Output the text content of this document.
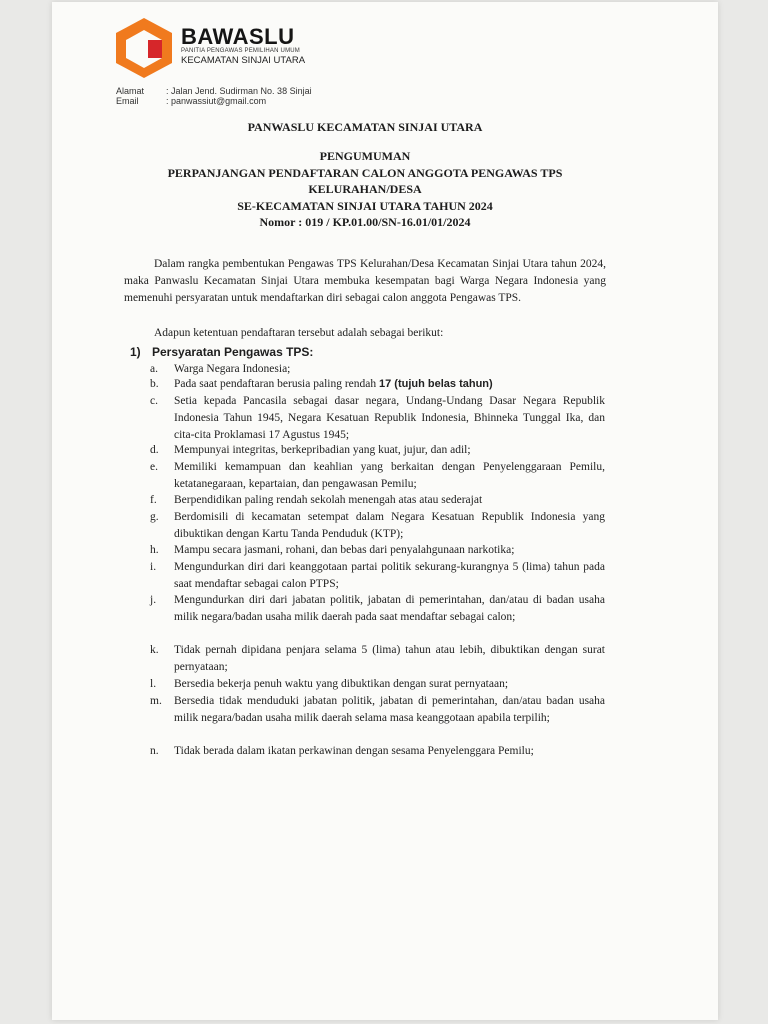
BAWASLU
PANITIA PENGAWAS PEMILIHAN UMUM
KECAMATAN SINJAI UTARA
Alamat : Jalan Jend. Sudirman No. 38 Sinjai
Email	: panwassiut@gmail.com
PANWASLU KECAMATAN SINJAI UTARA
PENGUMUMAN
PERPANJANGAN PENDAFTARAN CALON ANGGOTA PENGAWAS TPS
KELURAHAN/DESA
SE-KECAMATAN SINJAI UTARA TAHUN 2024
Nomor : 019 / KP.01.00/SN-16.01/01/2024
Dalam rangka pembentukan Pengawas TPS Kelurahan/Desa Kecamatan Sinjai Utara tahun 2024, maka Panwaslu Kecamatan Sinjai Utara membuka kesempatan bagi Warga Negara Indonesia yang memenuhi persyaratan untuk mendaftarkan diri sebagai calon anggota Pengawas TPS.
Adapun ketentuan pendaftaran tersebut adalah sebagai berikut:
1) Persyaratan Pengawas TPS:
a. Warga Negara Indonesia;
b. Pada saat pendaftaran berusia paling rendah 17 (tujuh belas tahun)
c. Setia kepada Pancasila sebagai dasar negara, Undang-Undang Dasar Negara Republik Indonesia Tahun 1945, Negara Kesatuan Republik Indonesia, Bhinneka Tunggal Ika, dan cita-cita Proklamasi 17 Agustus 1945;
d. Mempunyai integritas, berkepribadian yang kuat, jujur, dan adil;
e. Memiliki kemampuan dan keahlian yang berkaitan dengan Penyelenggaraan Pemilu, ketatanegaraan, kepartaian, dan pengawasan Pemilu;
f. Berpendidikan paling rendah sekolah menengah atas atau sederajat
g. Berdomisili di kecamatan setempat dalam Negara Kesatuan Republik Indonesia yang dibuktikan dengan Kartu Tanda Penduduk (KTP);
h. Mampu secara jasmani, rohani, dan bebas dari penyalahgunaan narkotika;
i. Mengundurkan diri dari keanggotaan partai politik sekurang-kurangnya 5 (lima) tahun pada saat mendaftar sebagai calon PTPS;
j. Mengundurkan diri dari jabatan politik, jabatan di pemerintahan, dan/atau di badan usaha milik negara/badan usaha milik daerah pada saat mendaftar sebagai calon;
k. Tidak pernah dipidana penjara selama 5 (lima) tahun atau lebih, dibuktikan dengan surat pernyataan;
l. Bersedia bekerja penuh waktu yang dibuktikan dengan surat pernyataan;
m. Bersedia tidak menduduki jabatan politik, jabatan di pemerintahan, dan/atau badan usaha milik negara/badan usaha milik daerah selama masa keanggotaan apabila terpilih;
n. Tidak berada dalam ikatan perkawinan dengan sesama Penyelenggara Pemilu;
